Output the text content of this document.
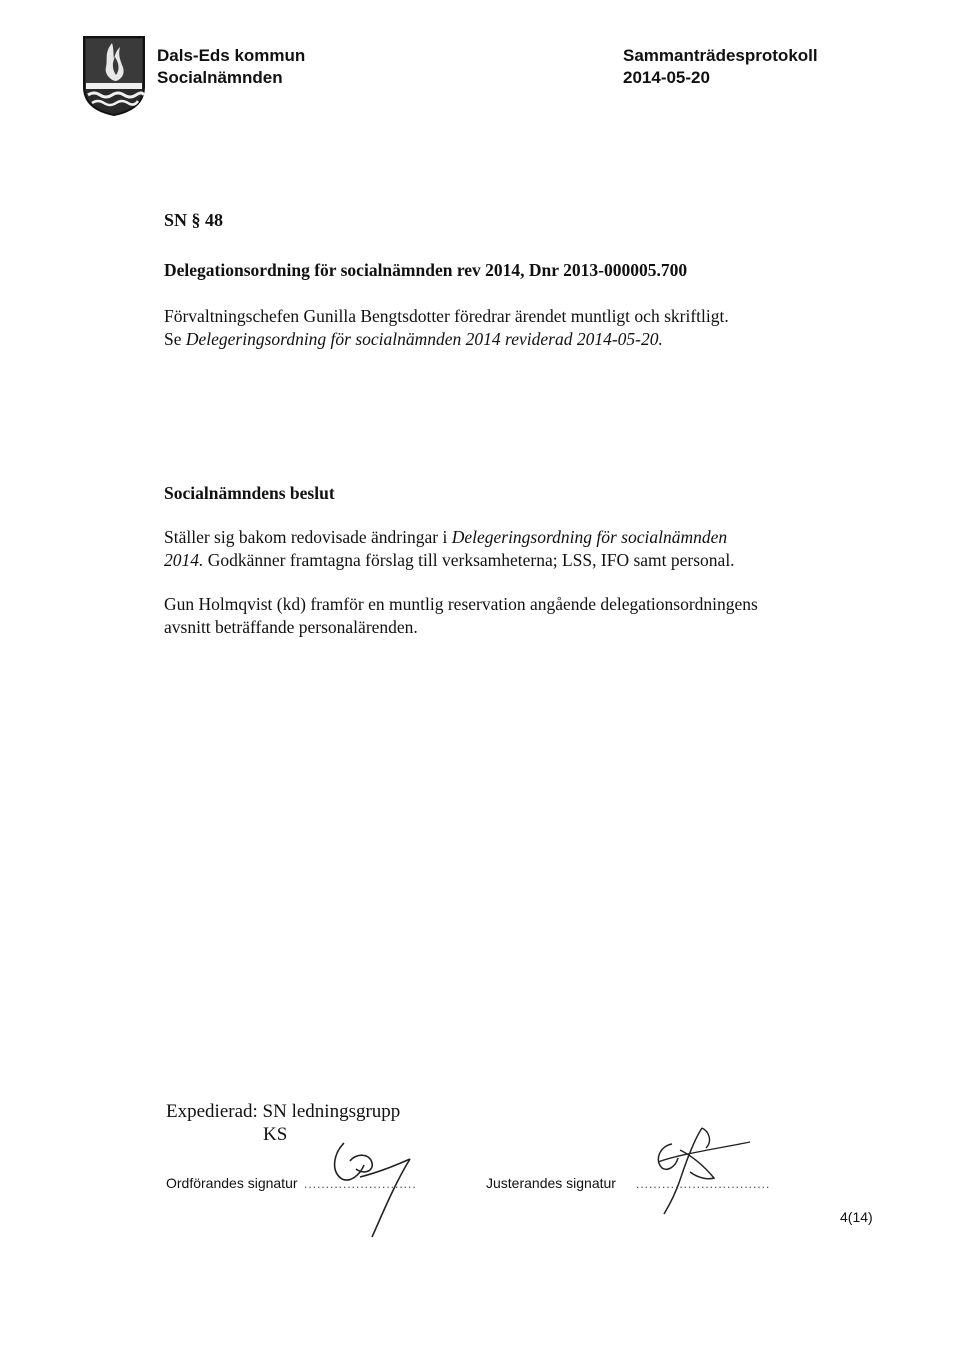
Dals-Eds kommun
Socialnämnden
Sammanträdesprotokoll
2014-05-20
SN § 48
Delegationsordning för socialnämnden rev 2014, Dnr 2013-000005.700
Förvaltningschefen Gunilla Bengtsdotter föredrar ärendet muntligt och skriftligt.
Se Delegeringsordning för socialnämnden 2014 reviderad 2014-05-20.
Socialnämndens beslut
Ställer sig bakom redovisade ändringar i Delegeringsordning för socialnämnden
2014. Godkänner framtagna förslag till verksamheterna; LSS, IFO samt personal.
Gun Holmqvist (kd) framför en muntlig reservation angående delegationsordningens
avsnitt beträffande personalärenden.
Expedierad: SN ledningsgrupp
KS
Ordförandes signatur ..........................	Justerandes signatur ...............................
4(14)
